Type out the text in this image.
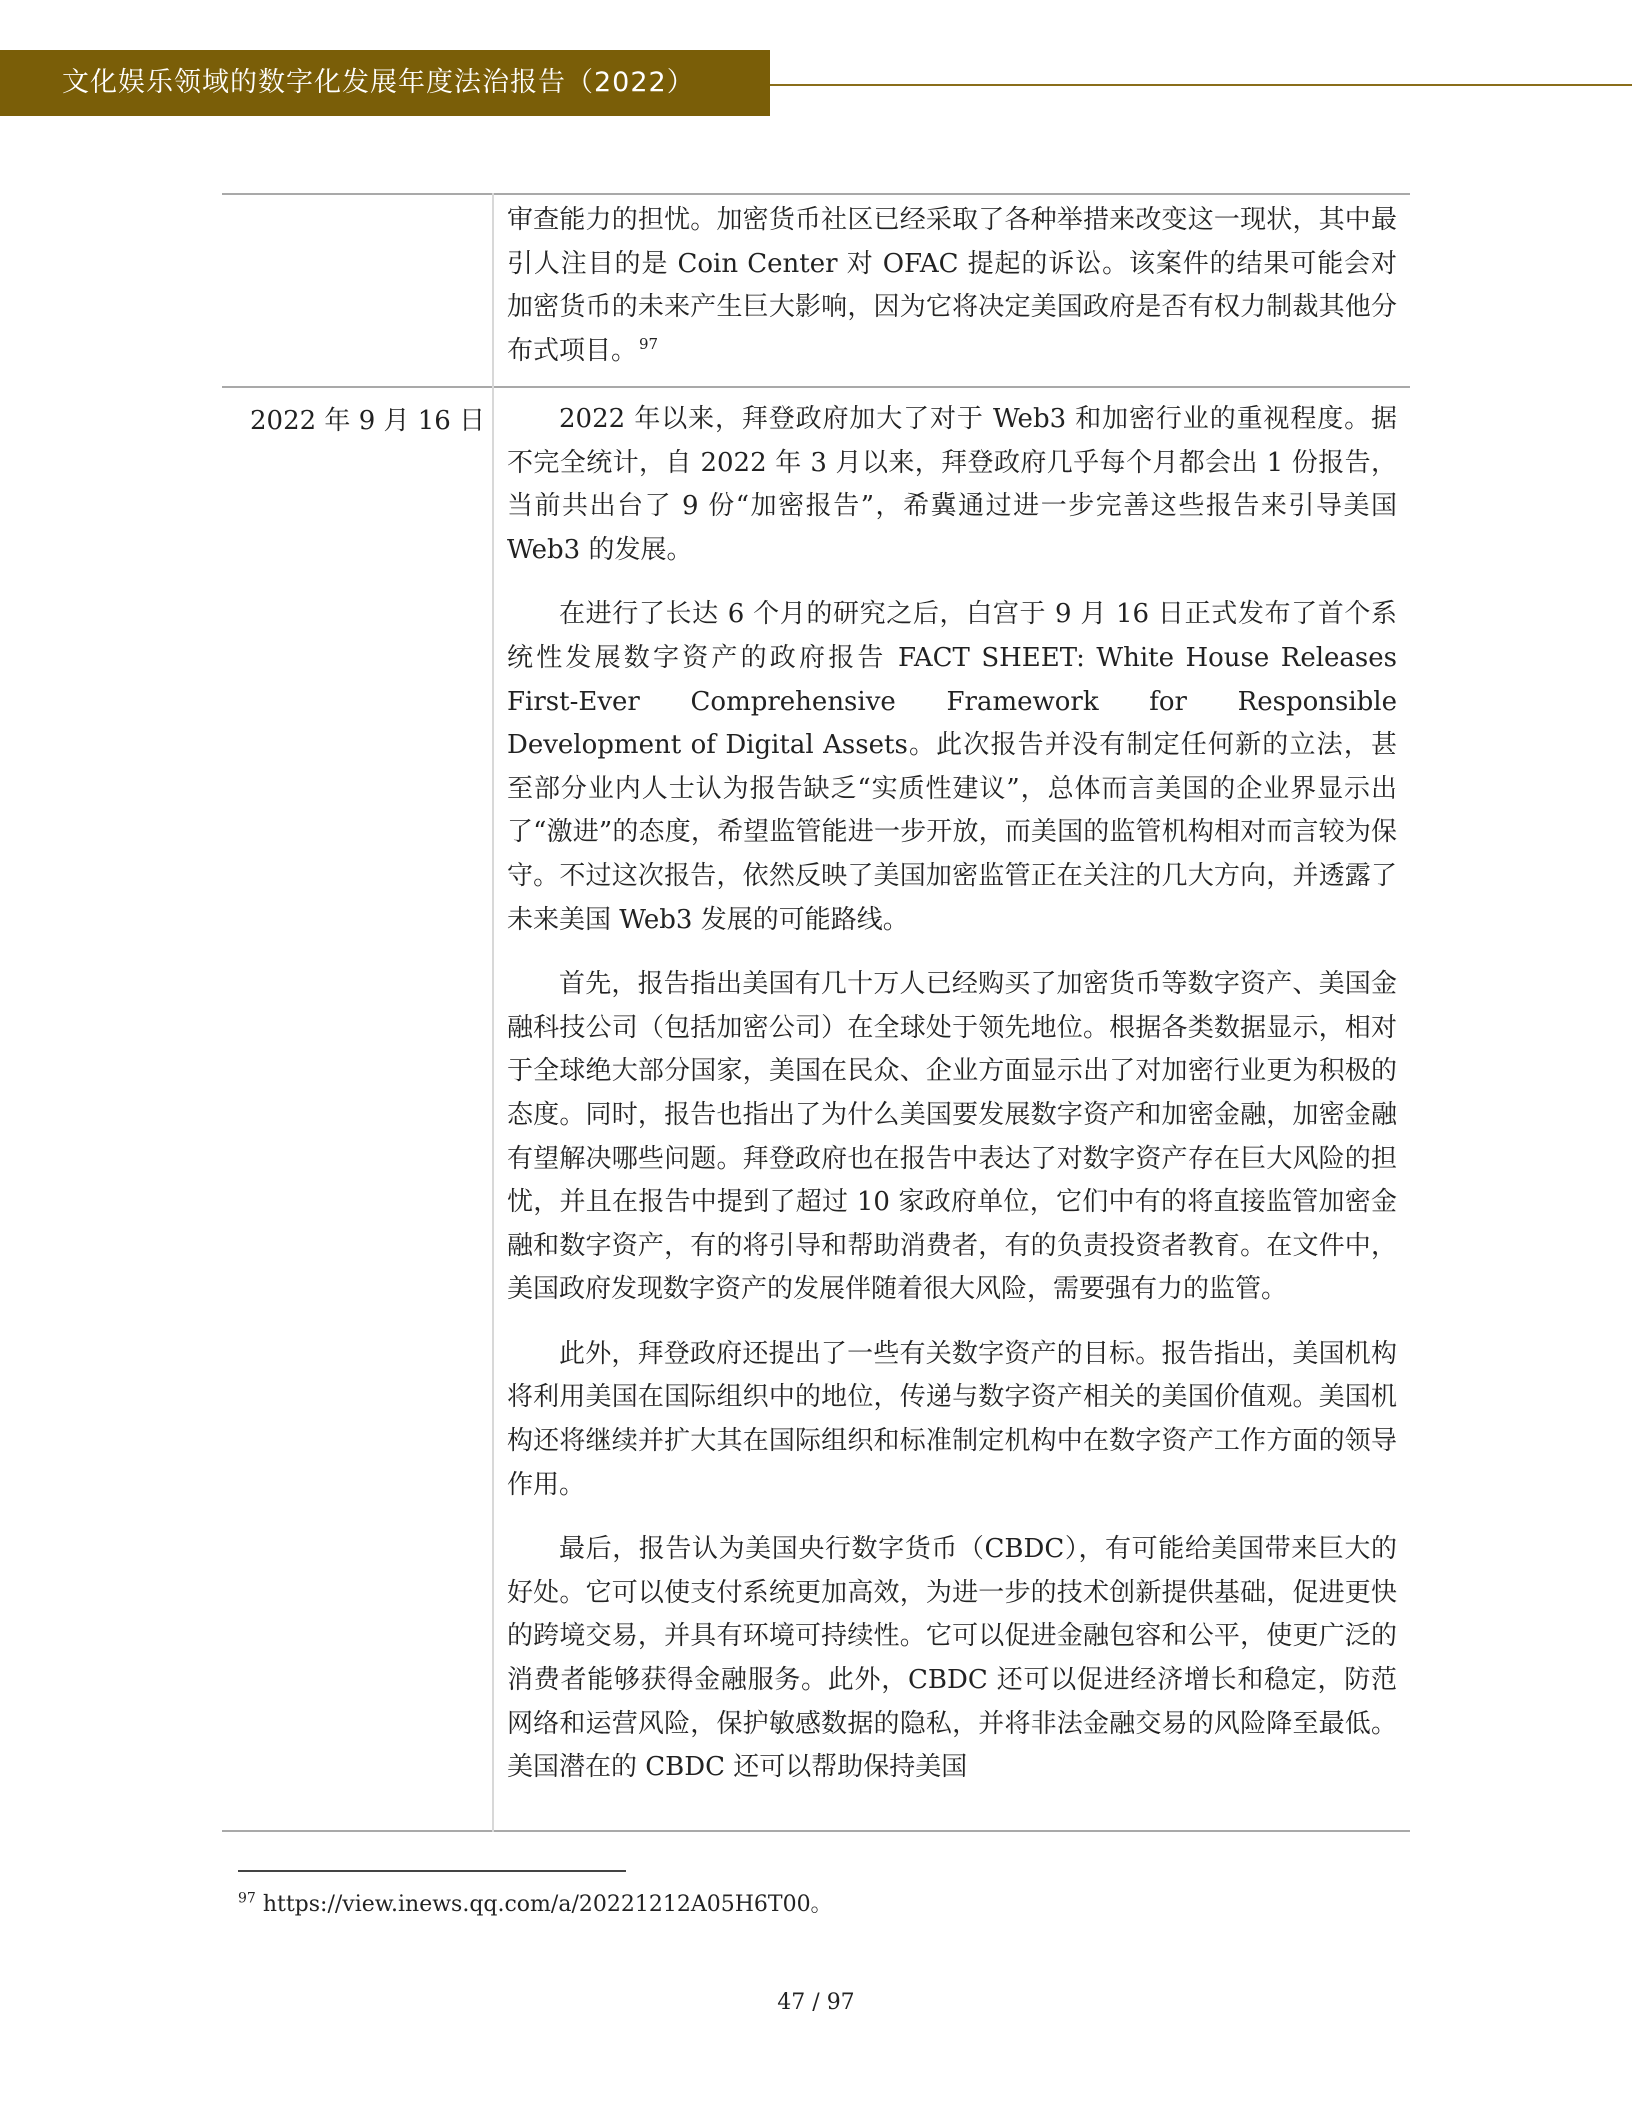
文化娱乐领域的数字化发展年度法治报告（2022）

审查能力的担忧。加密货币社区已经采取了各种举措来改变这一现状，其中最引人注目的是 Coin Center 对 OFAC 提起的诉讼。该案件的结果可能会对加密货币的未来产生巨大影响，因为它将决定美国政府是否有权力制裁其他分布式项目。 $^{97}$

2022 年 9 月 16 日	2022 年以来，拜登政府加大了对于 Web3 和加密行业的重视程度。据不完全统计，自 2022 年 3 月以来，拜登政府几乎每个月都会出 1 份报告，当前共出台了 9 份“加密报告”，希冀通过进一步完善这些报告来引导美国 Web3 的发展。

在进行了长达 6 个月的研究之后，白宫于 9 月 16 日正式发布了首个系统性发展数字资产的政府报告 FACT SHEET: White House Releases First-Ever Comprehensive Framework for Responsible Development of Digital Assets。此次报告并没有制定任何新的立法，甚至部分业内人士认为报告缺乏“实质性建议”，总体而言美国的企业界显示出了“激进”的态度，希望监管能进一步开放，而美国的监管机构相对而言较为保守。不过这次报告，依然反映了美国加密监管正在关注的几大方向，并透露了未来美国 Web3 发展的可能路线。

首先，报告指出美国有几十万人已经购买了加密货币等数字资产、美国金融科技公司（包括加密公司）在全球处于领先地位。根据各类数据显示，相对于全球绝大部分国家，美国在民众、企业方面显示出了对加密行业更为积极的态度。同时，报告也指出了为什么美国要发展数字资产和加密金融，加密金融有望解决哪些问题。拜登政府也在报告中表达了对数字资产存在巨大风险的担忧，并且在报告中提到了超过 10 家政府单位，它们中有的将直接监管加密金融和数字资产，有的将引导和帮助消费者，有的负责投资者教育。在文件中，美国政府发现数字资产的发展伴随着很大风险，需要强有力的监管。

此外，拜登政府还提出了一些有关数字资产的目标。报告指出，美国机构将利用美国在国际组织中的地位，传递与数字资产相关的美国价值观。美国机构还将继续并扩大其在国际组织和标准制定机构中在数字资产工作方面的领导作用。

最后，报告认为美国央行数字货币（CBDC），有可能给美国带来巨大的好处。它可以使支付系统更加高效，为进一步的技术创新提供基础，促进更快的跨境交易，并具有环境可持续性。它可以促进金融包容和公平，使更广泛的消费者能够获得金融服务。此外，CBDC 还可以促进经济增长和稳定，防范网络和运营风险，保护敏感数据的隐私，并将非法金融交易的风险降至最低。美国潜在的 CBDC 还可以帮助保持美国

$^{97}$ https://view.inews.qq.com/a/20221212A05H6T00。
47 / 97
